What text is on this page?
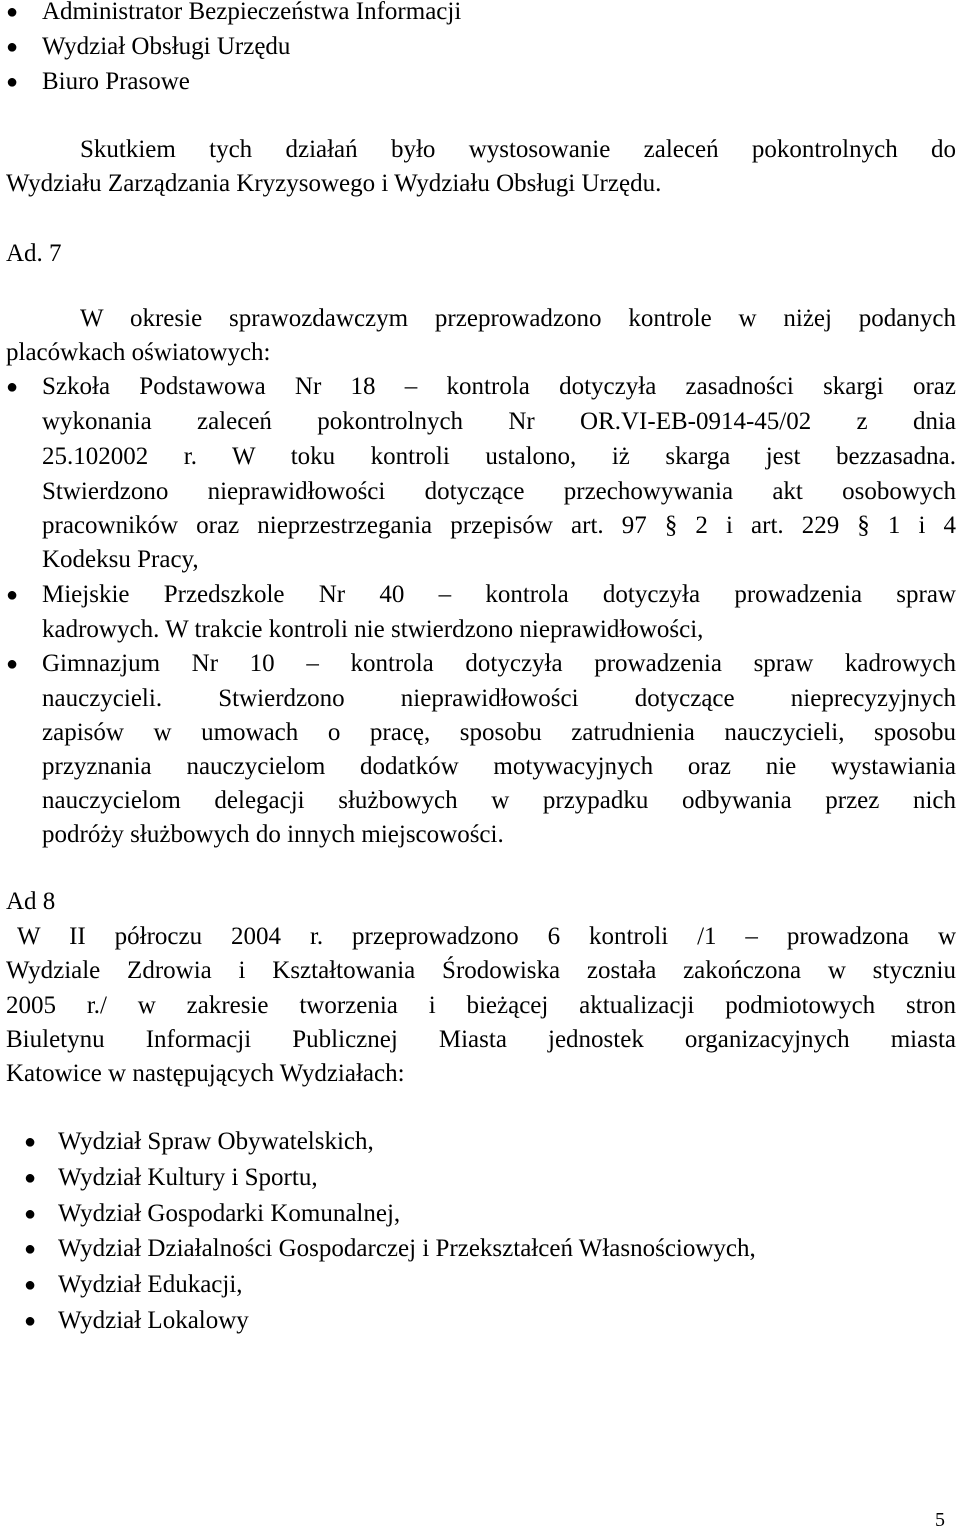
● Administrator Bezpieczeństwa Informacji
● Wydział Obsługi Urzędu
● Biuro Prasowe
Skutkiem tych działań było wystosowanie zaleceń pokontrolnych do
Wydziału Zarządzania Kryzysowego i Wydziału Obsługi Urzędu.
Ad. 7
W okresie sprawozdawczym przeprowadzono kontrole w niżej podanych
placówkach oświatowych:
● Szkoła Podstawowa Nr 18 – kontrola dotyczyła zasadności skargi oraz
wykonania zaleceń pokontrolnych Nr OR.VI-EB-0914-45/02 z dnia
25.102002 r. W toku kontroli ustalono, iż skarga jest bezzasadna.
Stwierdzono nieprawidłowości dotyczące przechowywania akt osobowych
pracowników oraz nieprzestrzegania przepisów art. 97 § 2 i art. 229 § 1 i 4
Kodeksu Pracy,
● Miejskie Przedszkole Nr 40 – kontrola dotyczyła prowadzenia spraw
kadrowych. W trakcie kontroli nie stwierdzono nieprawidłowości,
● Gimnazjum Nr 10 – kontrola dotyczyła prowadzenia spraw kadrowych
nauczycieli. Stwierdzono nieprawidłowości dotyczące nieprecyzyjnych
zapisów w umowach o pracę, sposobu zatrudnienia nauczycieli, sposobu
przyznania nauczycielom dodatków motywacyjnych oraz nie wystawiania
nauczycielom delegacji służbowych w przypadku odbywania przez nich
podróży służbowych do innych miejscowości.
Ad 8
W II półroczu 2004 r. przeprowadzono 6 kontroli /1 – prowadzona w
Wydziale Zdrowia i Kształtowania Środowiska została zakończona w styczniu
2005 r./ w zakresie tworzenia i bieżącej aktualizacji podmiotowych stron
Biuletynu Informacji Publicznej Miasta jednostek organizacyjnych miasta
Katowice w następujących Wydziałach:
● Wydział Spraw Obywatelskich,
● Wydział Kultury i Sportu,
● Wydział Gospodarki Komunalnej,
● Wydział Działalności Gospodarczej i Przekształceń Własnościowych,
● Wydział Edukacji,
● Wydział Lokalowy
5
